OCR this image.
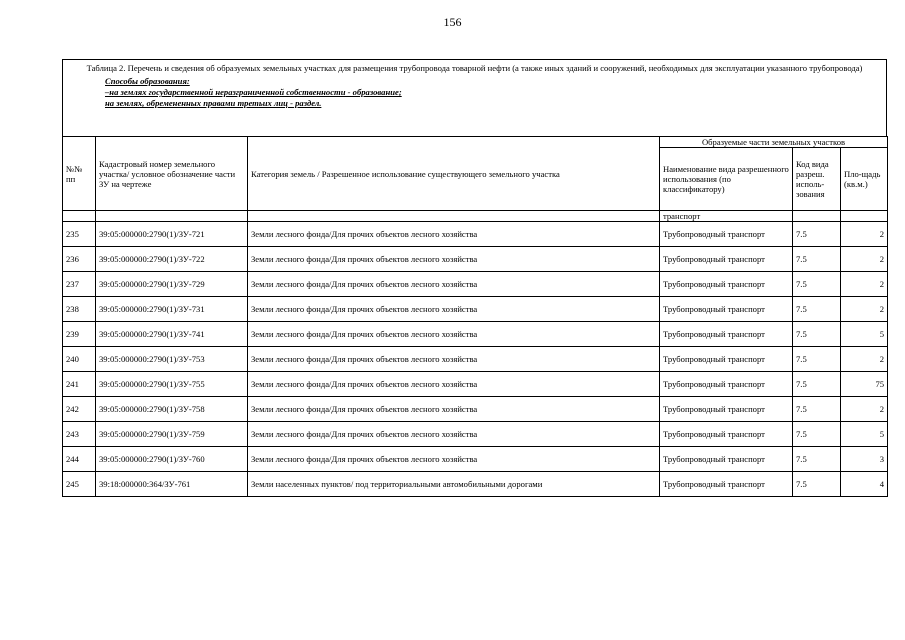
156
Таблица 2. Перечень и сведения об образуемых земельных участках для размещения трубопровода товарной нефти (а также иных зданий и сооружений, необходимых для эксплуатации указанного трубопровода)
Способы образования:
–на землях государственной неразграниченной собственности - образование;
на землях, обремененных правами третьих лиц - раздел.
№№ пп	Кадастровый номер земельного участка/ условное обозначение части ЗУ на чертеже	Категория земель / Разрешенное использование существующего земельного участка	Образуемые части земельных участков		
			Наименование вида разрешенного использования (по классификатору)	Код вида разреш. исполь-зования	Пло-щадь (кв.м.)
			транспорт		
235	39:05:000000:2790(1)/ЗУ-721	Земли лесного фонда/Для прочих объектов лесного хозяйства	Трубопроводный транспорт	7.5	2
236	39:05:000000:2790(1)/ЗУ-722	Земли лесного фонда/Для прочих объектов лесного хозяйства	Трубопроводный транспорт	7.5	2
237	39:05:000000:2790(1)/ЗУ-729	Земли лесного фонда/Для прочих объектов лесного хозяйства	Трубопроводный транспорт	7.5	2
238	39:05:000000:2790(1)/ЗУ-731	Земли лесного фонда/Для прочих объектов лесного хозяйства	Трубопроводный транспорт	7.5	2
239	39:05:000000:2790(1)/ЗУ-741	Земли лесного фонда/Для прочих объектов лесного хозяйства	Трубопроводный транспорт	7.5	5
240	39:05:000000:2790(1)/ЗУ-753	Земли лесного фонда/Для прочих объектов лесного хозяйства	Трубопроводный транспорт	7.5	2
241	39:05:000000:2790(1)/ЗУ-755	Земли лесного фонда/Для прочих объектов лесного хозяйства	Трубопроводный транспорт	7.5	75
242	39:05:000000:2790(1)/ЗУ-758	Земли лесного фонда/Для прочих объектов лесного хозяйства	Трубопроводный транспорт	7.5	2
243	39:05:000000:2790(1)/ЗУ-759	Земли лесного фонда/Для прочих объектов лесного хозяйства	Трубопроводный транспорт	7.5	5
244	39:05:000000:2790(1)/ЗУ-760	Земли лесного фонда/Для прочих объектов лесного хозяйства	Трубопроводный транспорт	7.5	3
245	39:18:000000:364/ЗУ-761	Земли населенных пунктов/ под территориальными автомобильными дорогами	Трубопроводный транспорт	7.5	4
